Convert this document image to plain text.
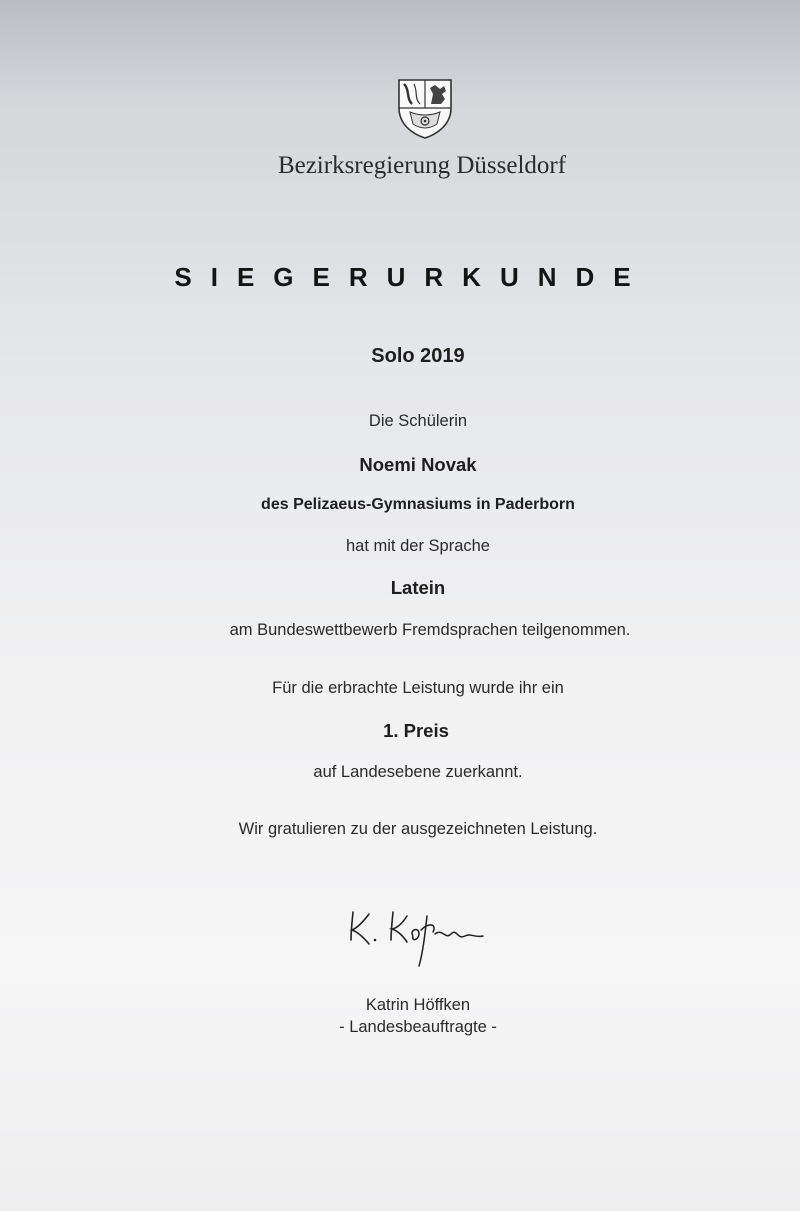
Bezirksregierung Düsseldorf
SIEGERURKUNDE
Solo 2019
Die Schülerin
Noemi Novak
des Pelizaeus-Gymnasiums in Paderborn
hat mit der Sprache
Latein
am Bundeswettbewerb Fremdsprachen teilgenommen.
Für die erbrachte Leistung wurde ihr ein
1. Preis
auf Landesebene zuerkannt.
Wir gratulieren zu der ausgezeichneten Leistung.
Katrin Höffken
- Landesbeauftragte -
